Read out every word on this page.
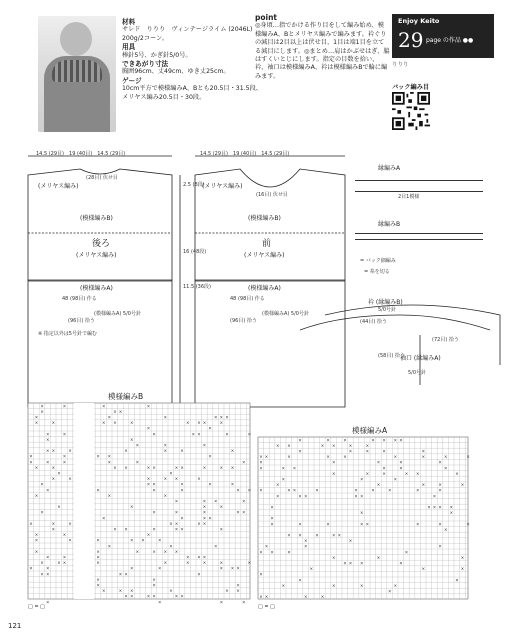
材料
サレド　りりり　ヴィンテージライム (2046L) 200g/2コーン。
用具
棒針5号、かぎ針5/0号。
できあがり寸法
胸囲96cm、丈49cm、ゆき丈25cm。
ゲージ
10cm平方で模様編みA、Bとも20.5目・31.5段、メリヤス編み20.5目・30段。
point
◎身頃…指でかける作り目をして編み始め、模様編みA、Bとメリヤス編みで編みます。衿ぐりの減目は2目以上は伏せ目、1目は端1目を立てる減目にします。◎まとめ…肩はかぶせはぎ、脇はすくいとじにします。指定の目数を拾い、衿、袖口は模様編みA、衿は模様編みBで輪に編みます。
Enjoy Keito
29 page の作品 ●●
りりり
バック編み目
14.5 (29目)　 19 (40目)　 14.5 (29目)	14.5 (29目)　 19 (40目)　 14.5 (29目)
(メリヤス編み)
(28目) 伏せ目
(模様編みB)
後ろ
(メリヤス編み)
(模様編みA)
48 (98目) 作る
(模様編みA) 5/0号針
(96目) 拾う
(メリヤス編み)
(16目) 伏せ目
(模様編みB)
前
(メリヤス編み)
(模様編みA)
48 (98目) 作る
(模様編みA) 5/0号針
(96目) 拾う
2.5 (8段)
16 (48段)
11.5 (36段)
※ 指定以外は5号針で編む
縁編みA
2目1模様
縁編みB
= バック細編み
= 糸を切る
衿 (縁編みB)
5/0号針
(44目) 拾う
(58目) 拾う
袖口 (縁編みA)
5/0号針
(72目) 拾う
模様編みB
模様編みA
×	×	×	×
×	× ×
×	×	×	× × ×
×	×	× ×	×	× × ×	×
×	×
×	×	×	× ×	×	×
×	×
×	×	×
× ×	×	×	×	×	×
×	×	× ×	×
×	×	×	×	×	×
×	×	× ×	× ×	× ×	×	× ×
×	×
×	×	×	× ×	×
×	× ×	×	×	×
×	×	×	×	× ×
×	×	×
×	× ×	×
×	×	×	×
×	×	×	×	× ×
×	×	× ×
×	×	×	× ×	× ×
×	× ×	×	× ×	×
×	×	×
×	×	×	× ×	×
×	×	×
×	×	×	× × ×
×	×	×	× × ×
×	× ×	×	×	×	×	×	×
×	×	×	×	× × ×
× ×	× ×	×
×	×
×	×	×
×	× ×	×	× ×
× ×	× ×	× ×
×	×	×	×
×	×	×	× × × ×
× ×	× ×	×	×
×	×	×	×	×
× ×	×	×	×	×	×	×	×
×	×	×	×	×
×	× ×	×	×	×
×	×	×	× ×	×
×	×	×
×	×	×	×	×
×	× ×	×	×	×	×	×	×
×	× ×	× ×	×
×	× × × ×
×	×
×
×	×	×	× ×	×	×	×
×
× ×	×	× ×
×	×
×	×	×
× ×	×	×
×	×	×
× × ×	×
×	×	×
×
×	×
×	×	×	×
×
× ×	×	×
□ = □	□ = □
121
